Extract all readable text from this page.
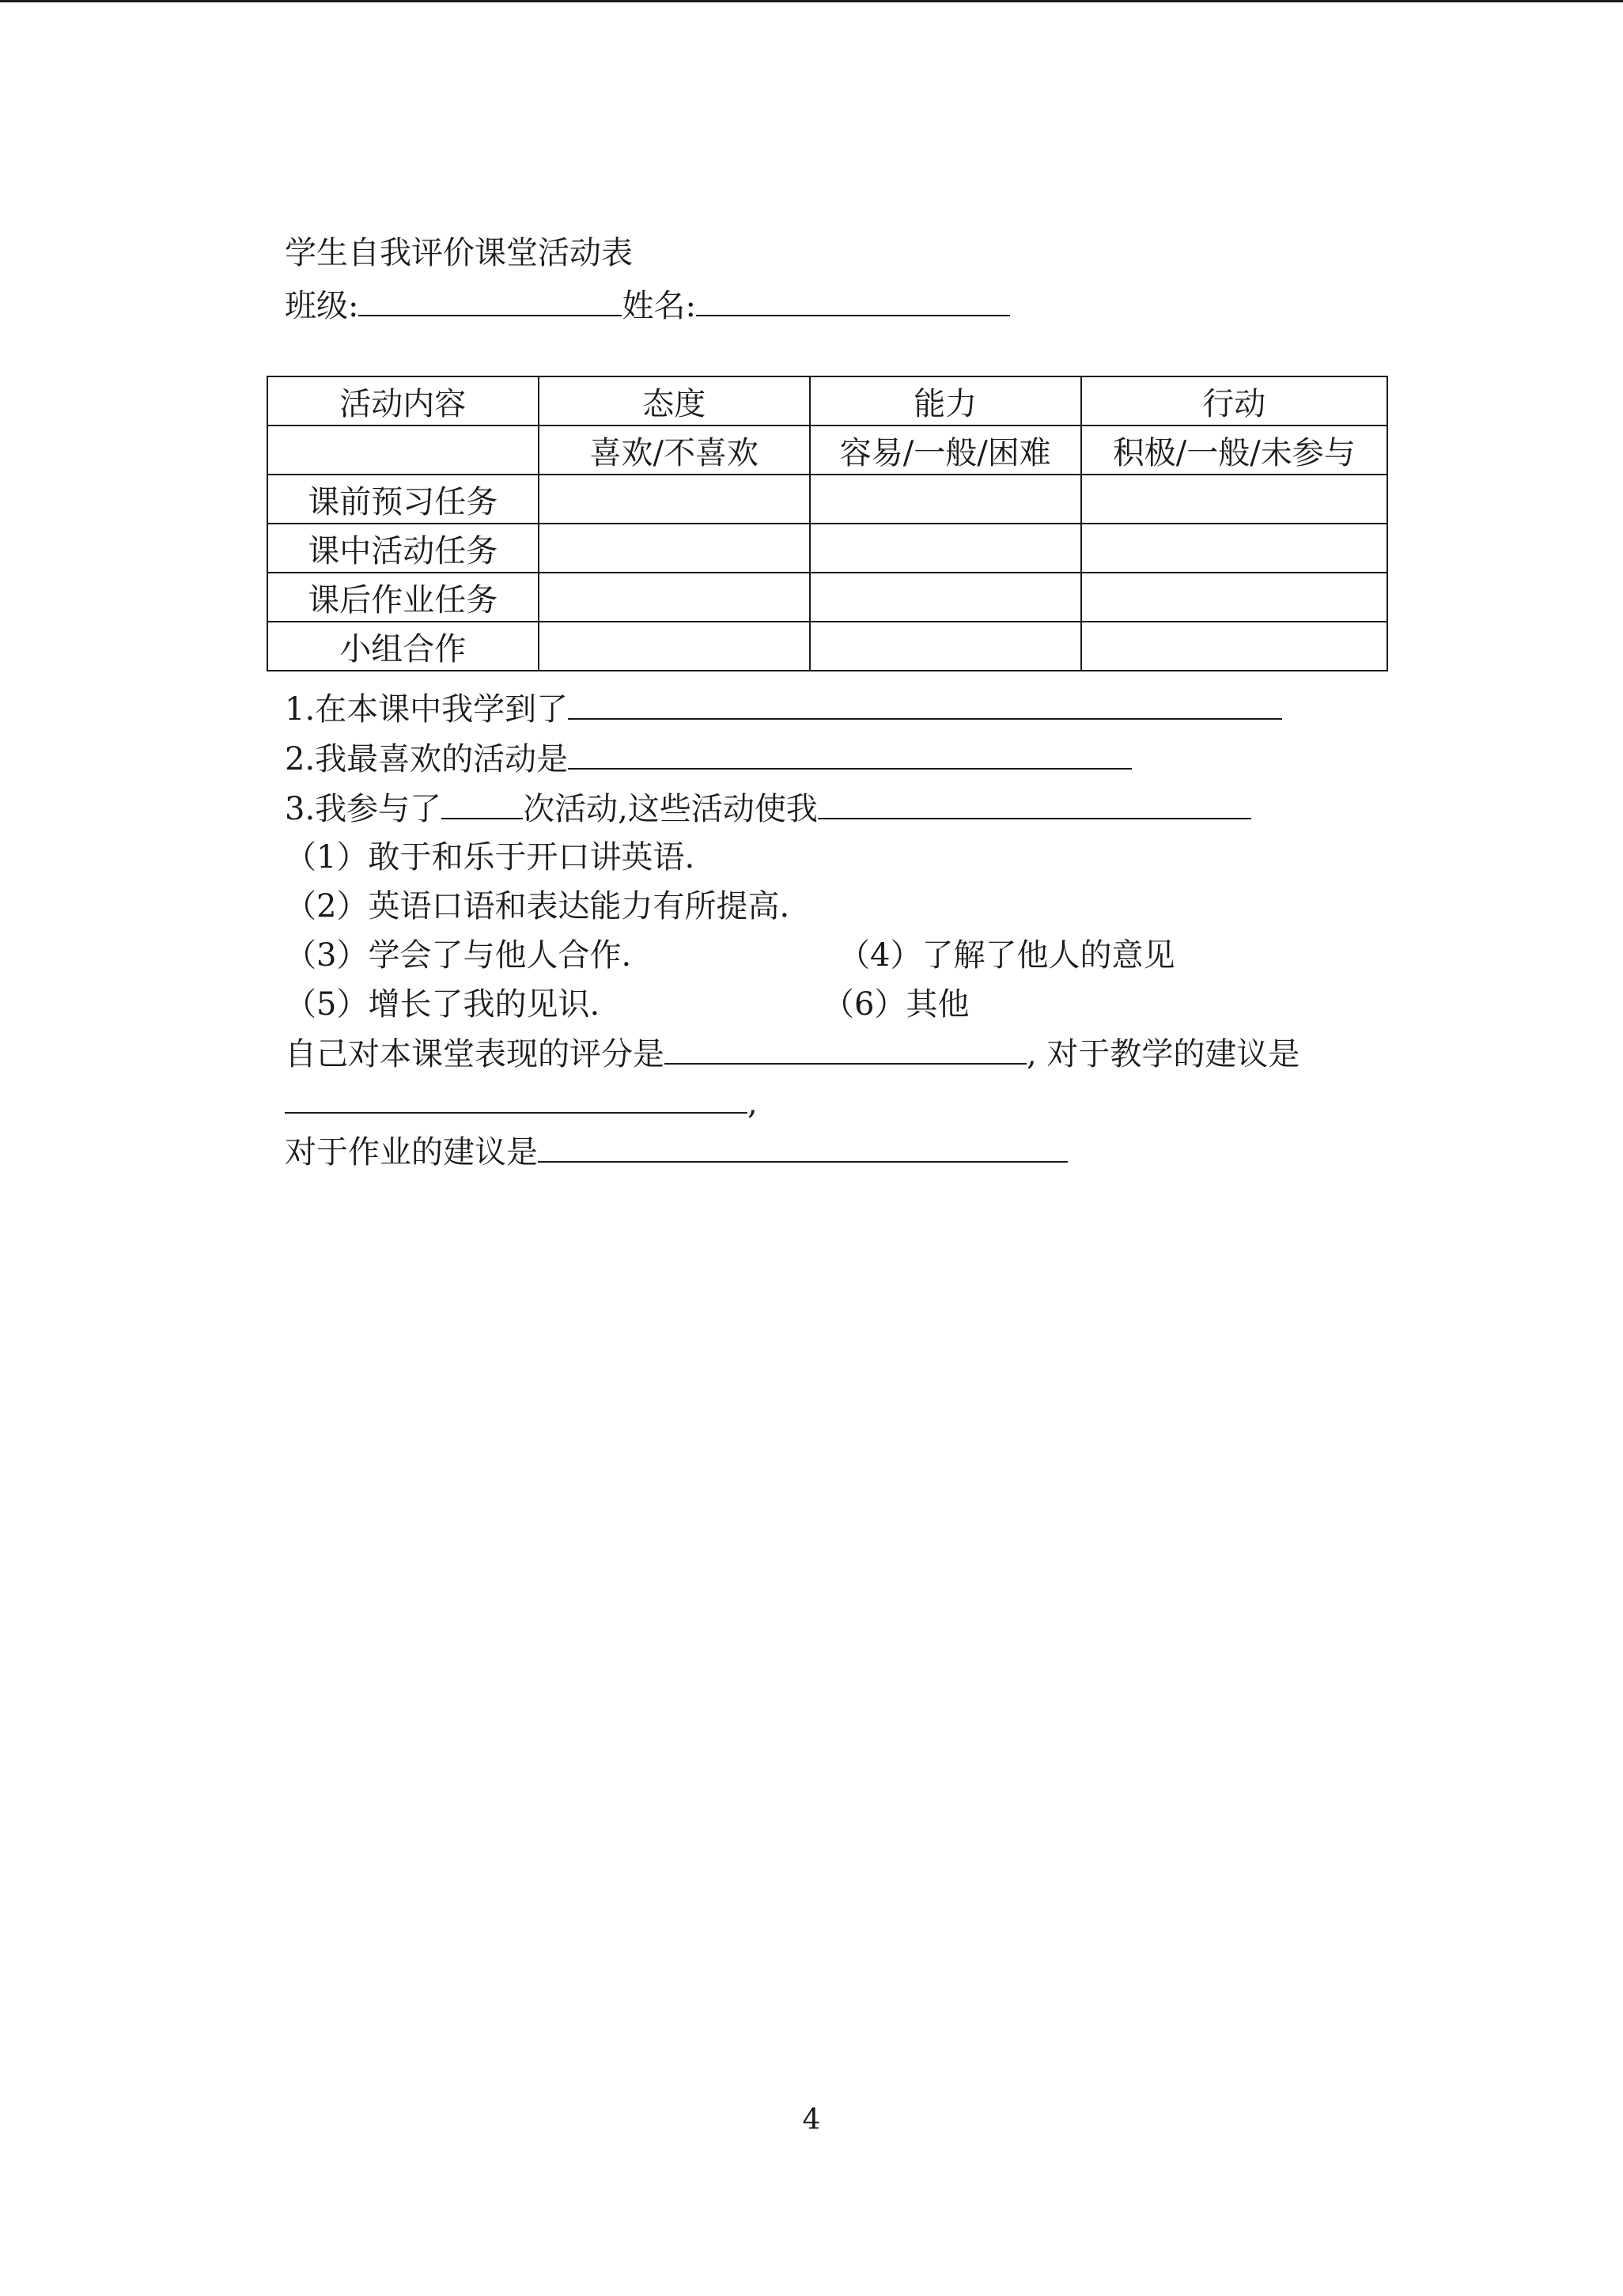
学生自我评价课堂活动表
班级:	姓名:
活动内容	态度	能力	行动
	喜欢/不喜欢	容易/一般/困难	积极/一般/未参与
课前预习任务			
课中活动任务			
课后作业任务			
小组合作			
1.在本课中我学到了
2.我最喜欢的活动是
3.我参与了	次活动,这些活动使我
（1）敢于和乐于开口讲英语.
（2）英语口语和表达能力有所提高.
（3）学会了与他人合作.	（4）了解了他人的意见
（5）增长了我的见识.	（6）其他
自己对本课堂表现的评分是	, 对于教学的建议是
,
对于作业的建议是
4
